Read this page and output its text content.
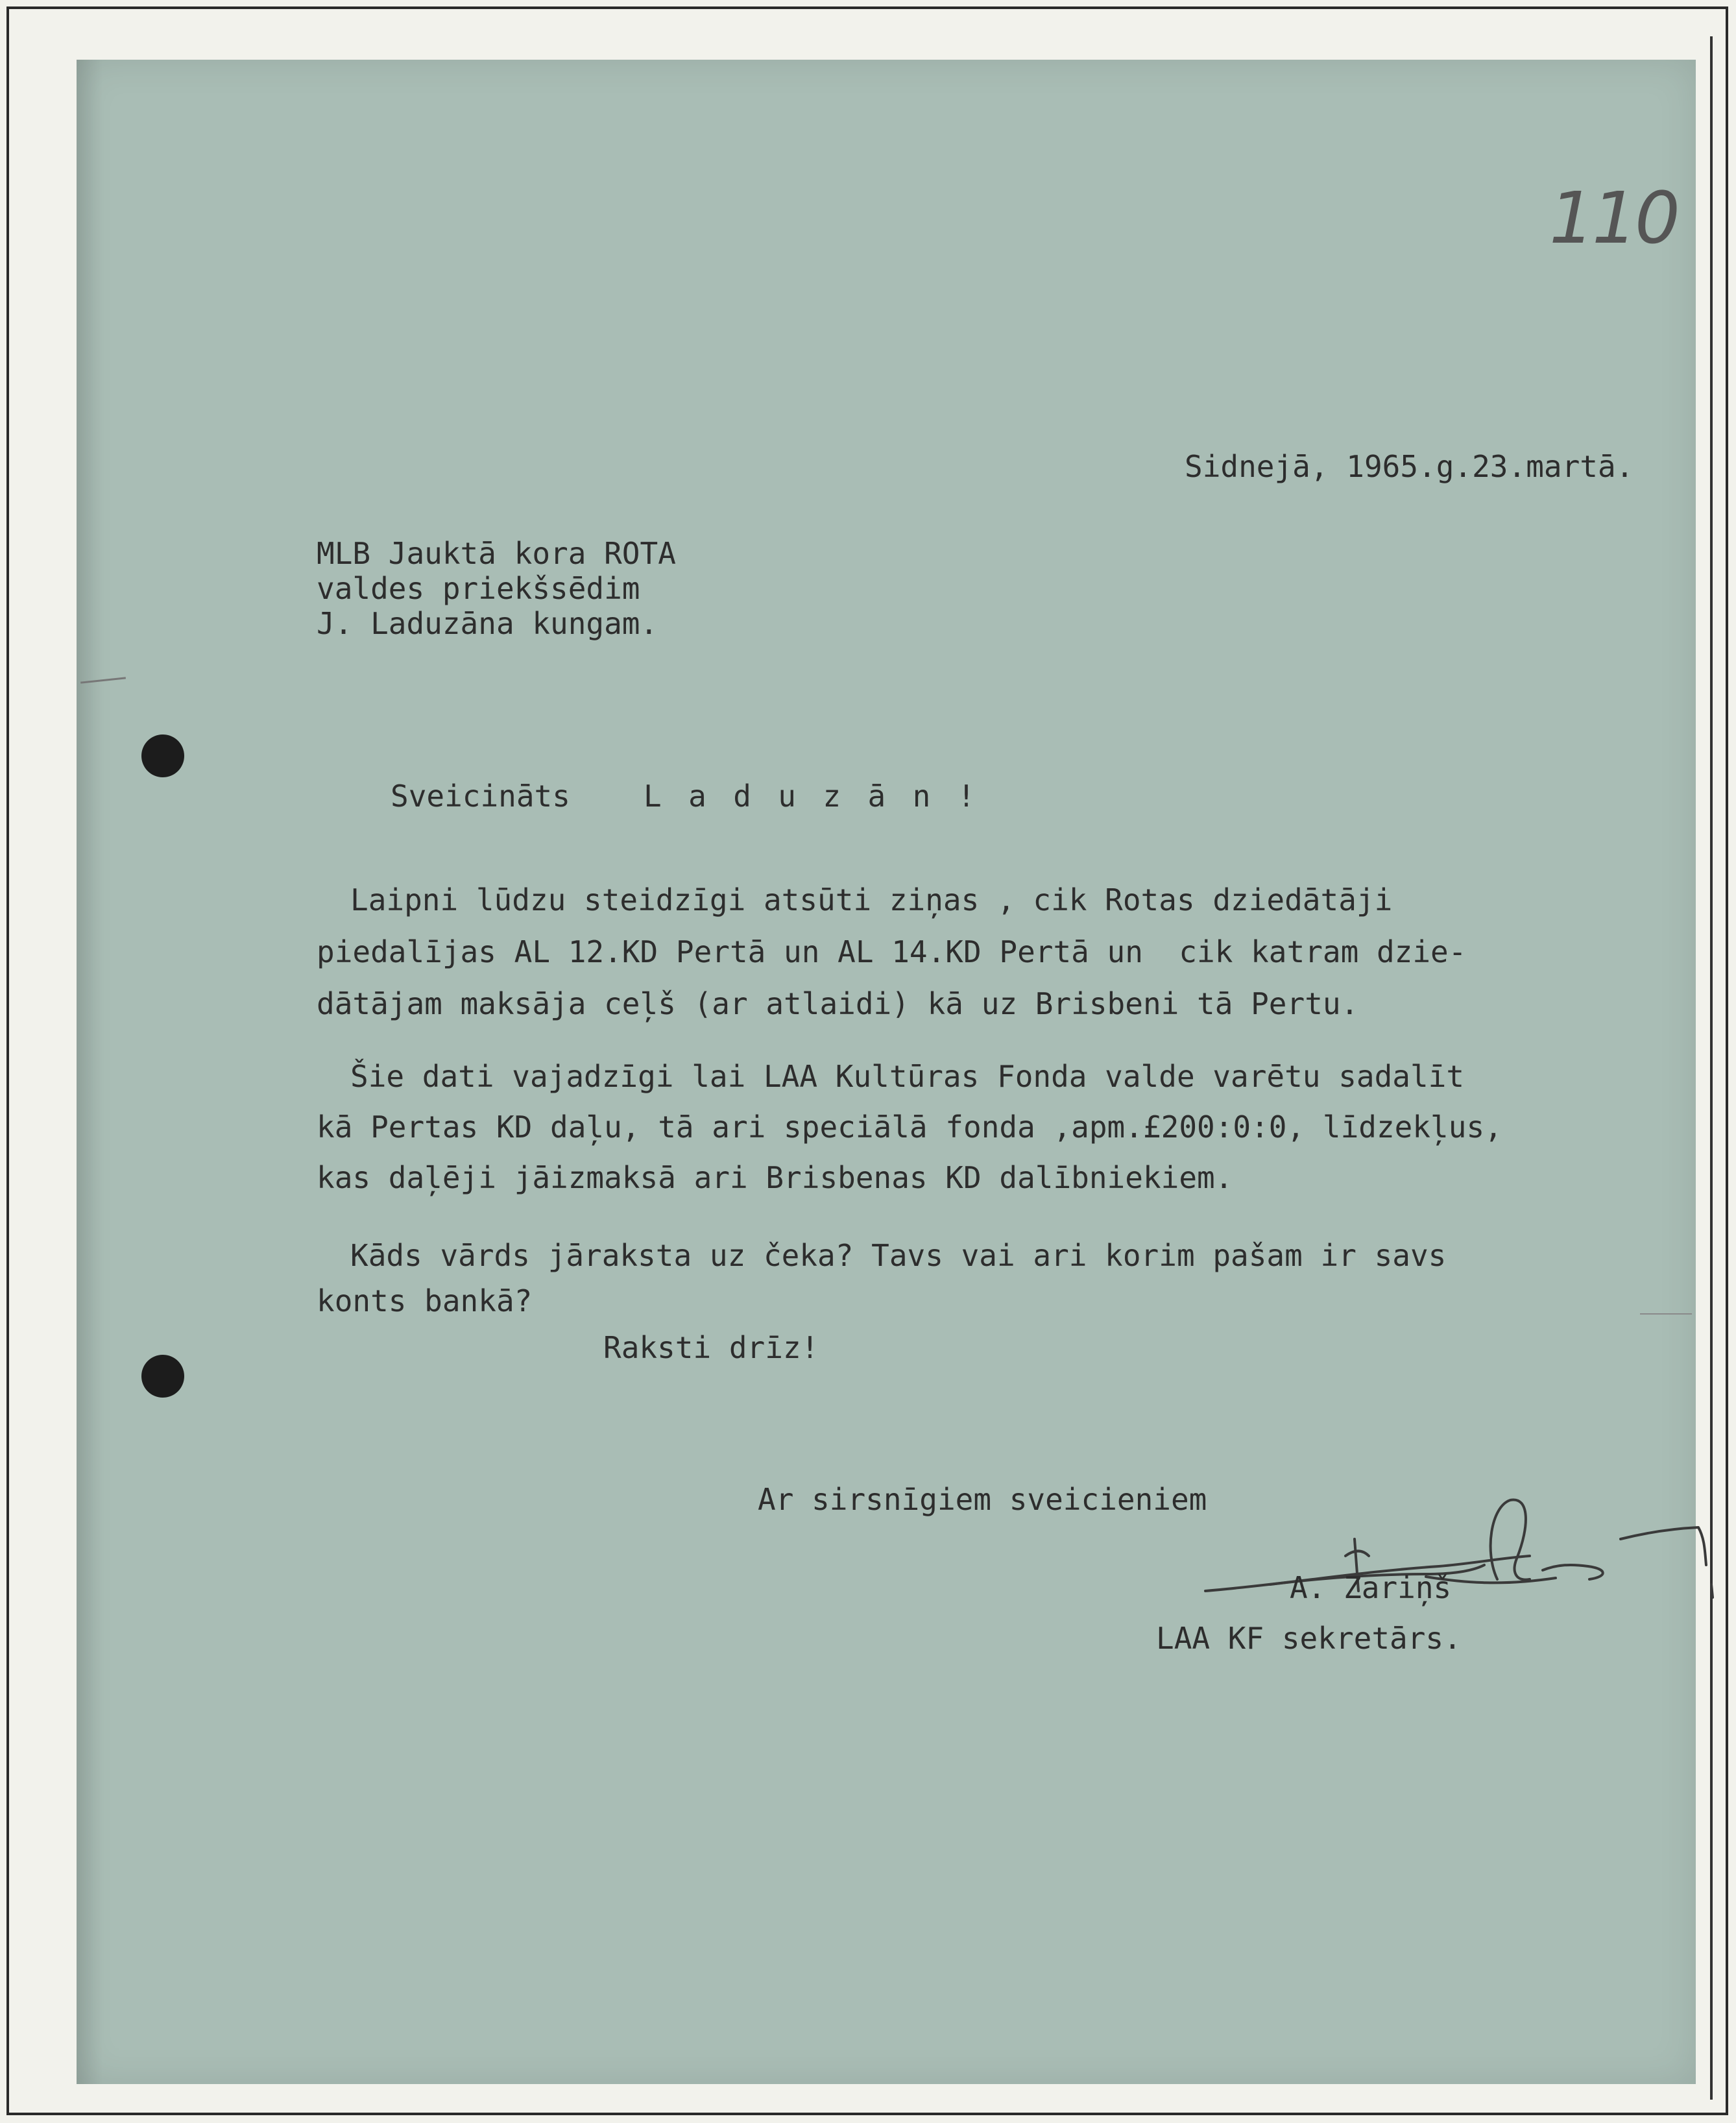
110
Sidnejā, 1965.g.23.martā.
MLB Jauktā kora ROTA
valdes priekšsēdim
J. Laduzāna kungam.
Sveicināts Laduzān!
Laipni lūdzu steidzīgi atsūti ziņas , cik Rotas dziedātāji
piedalījas AL 12.KD Pertā un AL 14.KD Pertā un  cik katram dzie-
dātājam maksāja ceļš (ar atlaidi) kā uz Brisbeni tā Pertu.
Šie dati vajadzīgi lai LAA Kultūras Fonda valde varētu sadalīt
kā Pertas KD daļu, tā ari speciālā fonda ,apm.£200:0:0, līdzekļus,
kas daļēji jāizmaksā ari Brisbenas KD dalībniekiem.
Kāds vārds jāraksta uz čeka? Tavs vai ari korim pašam ir savs
konts bankā?
Raksti drīz!
Ar sirsnīgiem sveicieniem
A. Zariņš
LAA KF sekretārs.
